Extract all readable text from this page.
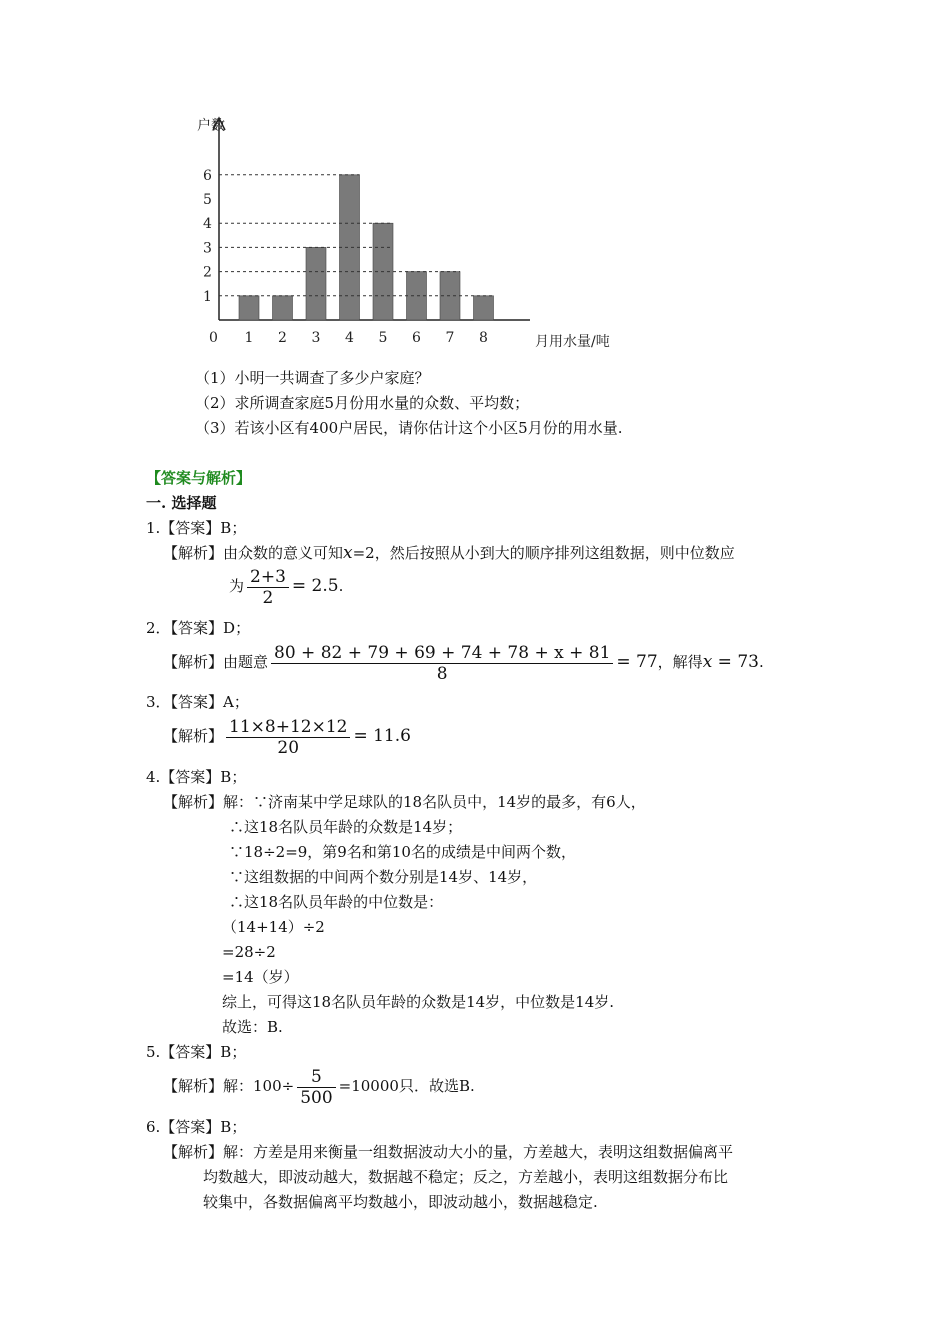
户数
月用水量/吨
0
1
2
3
4
5
6
1 2 3 4 5 6 7 8
（1）小明一共调查了多少户家庭？
（2）求所调查家庭5月份用水量的众数、平均数；
（3）若该小区有400户居民，请你估计这个小区5月份的用水量.
【答案与解析】
一. 选择题
1.【答案】B；
【解析】由众数的意义可知x=2，然后按照从小到大的顺序排列这组数据，则中位数应
为 $\frac{2+3}{2} = 2.5$.
2．【答案】D；
【解析】由题意 $\frac{80 + 82 + 79 + 69 + 74 + 78 + x + 81}{8} = 77$，解得x = 73.
3．【答案】A；
【解析】 $\frac{11\times 8+12\times 12}{20} = 11.6$
4.【答案】B；
【解析】解：∵济南某中学足球队的18名队员中，14岁的最多，有6人，
∴这18名队员年龄的众数是14岁；
∵18÷2=9，第9名和第10名的成绩是中间两个数，
∵这组数据的中间两个数分别是14岁、14岁，
∴这18名队员年龄的中位数是：
（14+14）÷2
=28÷2
=14（岁）
综上，可得这18名队员年龄的众数是14岁，中位数是14岁.
故选：B.
5.【答案】B；
【解析】解：$100\div \frac{5}{500} =10000$只．故选B.
6.【答案】B；
【解析】解：方差是用来衡量一组数据波动大小的量，方差越大，表明这组数据偏离平
均数越大，即波动越大，数据越不稳定；反之，方差越小，表明这组数据分布比
较集中，各数据偏离平均数越小，即波动越小，数据越稳定.
